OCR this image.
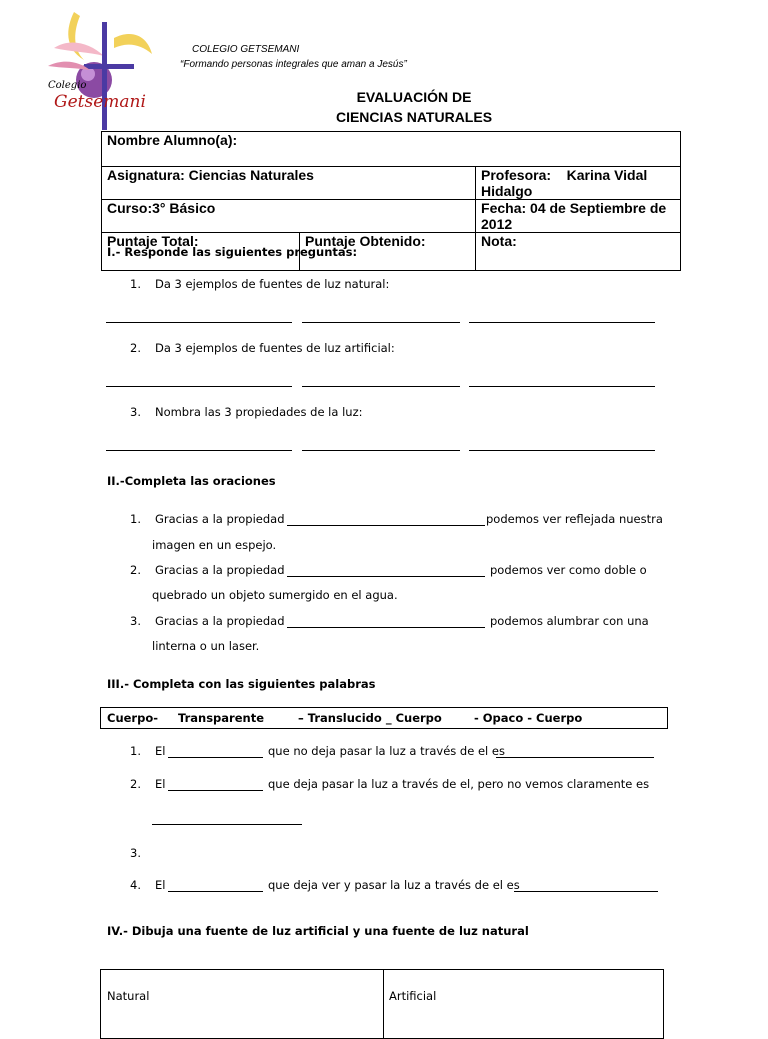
Colegio
Getsemani
COLEGIO GETSEMANI
“Formando personas integrales que aman a Jesús”
EVALUACIÓN DE
CIENCIAS NATURALES
Nombre Alumno(a):		
Asignatura: Ciencias Naturales		Profesora: Karina Vidal Hidalgo
Curso:3° Básico		Fecha: 04 de Septiembre de 2012
Puntaje Total:	Puntaje Obtenido:	Nota:
I.- Responde las siguientes preguntas:
1. Da 3 ejemplos de fuentes de luz natural:
2. Da 3 ejemplos de fuentes de luz artificial:
3. Nombra las 3 propiedades de la luz:
II.-Completa las oraciones
1. Gracias a la propiedad	podemos ver reflejada nuestra
imagen en un espejo.
2. Gracias a la propiedad	podemos ver como doble o
quebrado un objeto sumergido en el agua.
3. Gracias a la propiedad	podemos alumbrar con una
linterna o un laser.
III.- Completa con las siguientes palabras
Cuerpo- Transparente	– Translucido _ Cuerpo	- Opaco - Cuerpo
1. El	que no deja pasar la luz a través de el es
2. El	que deja pasar la luz a través de el, pero no vemos claramente es
3.
4. El	que deja ver y pasar la luz a través de el es
IV.- Dibuja una fuente de luz artificial y una fuente de luz natural
Natural	Artificial
